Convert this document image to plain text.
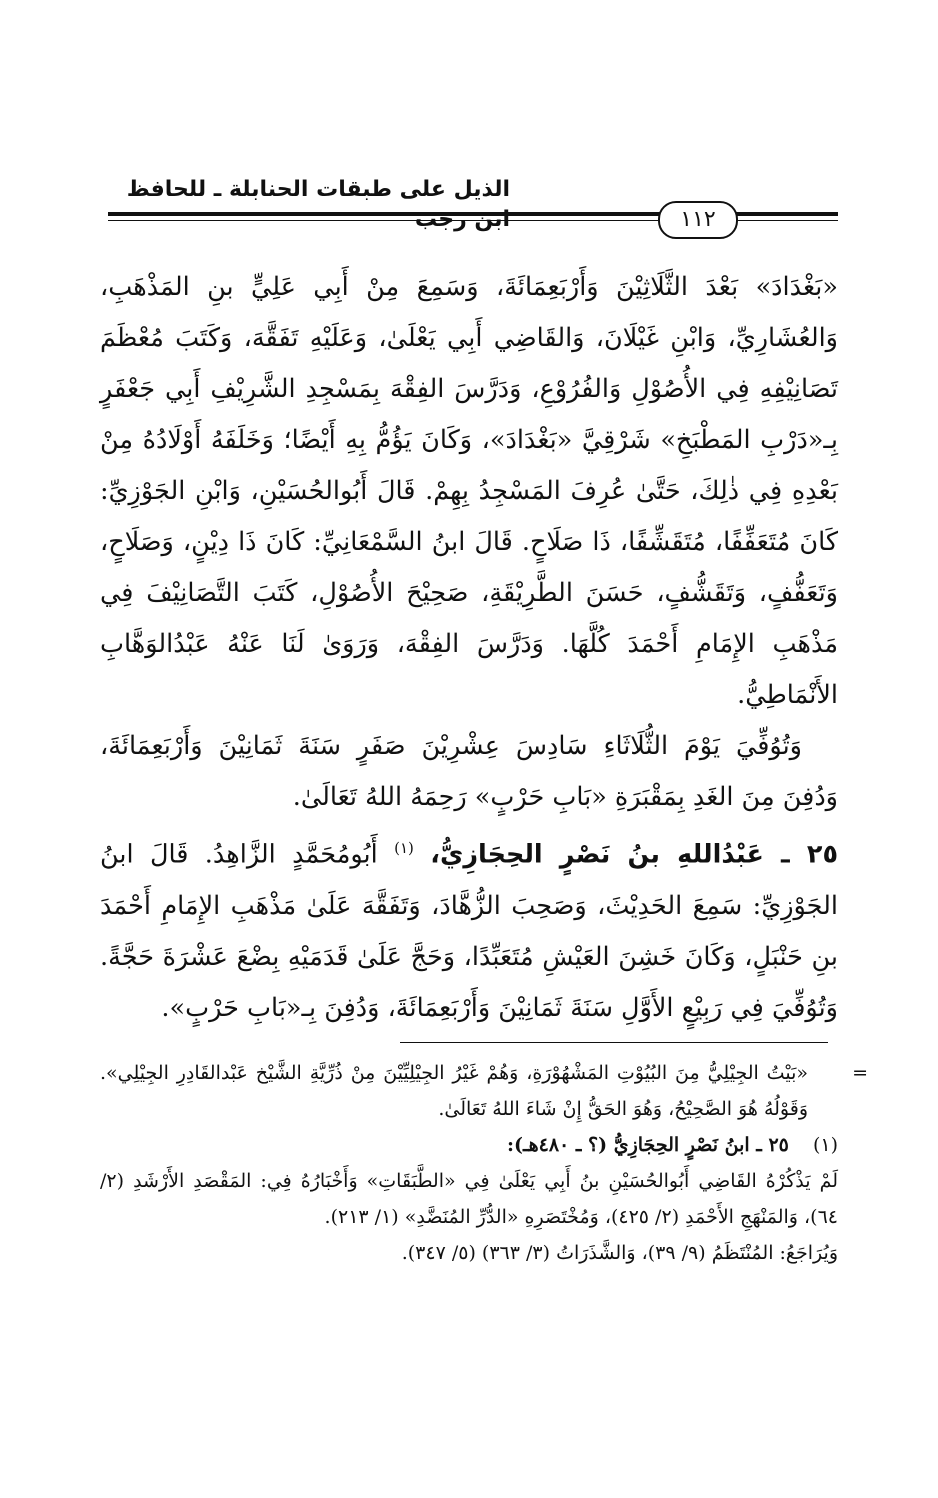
الذيل على طبقات الحنابلة ـ للحافظ ابن رجب	١١٢

«بَغْدَادَ» بَعْدَ الثَّلَاثِيْنَ وَأَرْبَعِمَائَةَ، وَسَمِعَ مِنْ أَبِي عَلِيٍّ بنِ المَذْهَبِ، وَالعُشَارِيِّ، وَابْنِ غَيْلَانَ، وَالقَاضِي أَبِي يَعْلَىٰ، وَعَلَيْهِ تَفَقَّهَ، وَكَتَبَ مُعْظَمَ تَصَانِيْفِهِ فِي الأُصُوْلِ وَالفُرُوْعِ، وَدَرَّسَ الفِقْهَ بِمَسْجِدِ الشَّرِيْفِ أَبِي جَعْفَرٍ بِـ«دَرْبِ المَطْبَخِ» شَرْقِيَّ «بَغْدَادَ»، وَكَانَ يَؤُمُّ بِهِ أَيْضًا؛ وَخَلَفَهُ أَوْلَادُهُ مِنْ بَعْدِهِ فِي ذٰلِكَ، حَتَّىٰ عُرِفَ المَسْجِدُ بِهِمْ. قَالَ أَبُوالحُسَيْنِ، وَابْنِ الجَوْزِيِّ: كَانَ مُتَعَفِّفًا، مُتَقَشِّفًا، ذَا صَلَاحٍ. قَالَ ابنُ السَّمْعَانِيِّ: كَانَ ذَا دِيْنٍ، وَصَلَاحٍ، وَتَعَفُّفٍ، وَتَقَشُّفٍ، حَسَنَ الطَّرِيْقَةِ، صَحِيْحَ الأُصُوْلِ، كَتَبَ التَّصَانِيْفَ فِي مَذْهَبِ الإِمَامِ أَحْمَدَ كُلَّهَا. وَدَرَّسَ الفِقْهَ، وَرَوَىٰ لَنَا عَنْهُ عَبْدُالوَهَّابِ الأَنْمَاطِيُّ.

وَتُوُفِّيَ يَوْمَ الثُّلَاثَاءِ سَادِسَ عِشْرِيْنَ صَفَرٍ سَنَةَ ثَمَانِيْنَ وَأَرْبَعِمَائَةَ، وَدُفِنَ مِنَ الغَدِ بِمَقْبَرَةِ «بَابِ حَرْبٍ» رَحِمَهُ اللهُ تَعَالَىٰ.

٢٥ ـ عَبْدُاللهِ بنُ نَصْرٍ الحِجَازِيُّ، $^{(١)}$ أَبُومُحَمَّدٍ الزَّاهِدُ. قَالَ ابنُ الجَوْزِيِّ: سَمِعَ الحَدِيْثَ، وَصَحِبَ الزُّهَّادَ، وَتَفَقَّهَ عَلَىٰ مَذْهَبِ الإِمَامِ أَحْمَدَ بنِ حَنْبَلٍ، وَكَانَ خَشِنَ العَيْشِ مُتَعَبِّدًا، وَحَجَّ عَلَىٰ قَدَمَيْهِ بِضْعَ عَشْرَةَ حَجَّةً. وَتُوُفِّيَ فِي رَبِيْعٍ الأَوَّلِ سَنَةَ ثَمَانِيْنَ وَأَرْبَعِمَائَةَ، وَدُفِنَ بِـ«بَابِ حَرْبٍ».

=
«بَيْتُ الجِيْلِيُّ مِنَ البُيُوْتِ المَشْهُوْرَةِ، وَهُمْ غَيْرُ الجِيْلِيِّيْنَ مِنْ ذُرِّيَّةِ الشَّيْخ عَبْدالقَادِرِ الجِيْلِي». وَقَوْلُهُ هُوَ الصَّحِيْحُ، وَهُوَ الحَقُّ إِنْ شَاءَ اللهُ تَعَالَىٰ.

(١) ٢٥ ـ ابنُ نَصْرٍ الحِجَازِيُّ (؟ ـ ٤٨٠هـ):

لَمْ يَذْكُرْهُ القَاضِي أَبُوالحُسَيْنِ بنُ أَبِي يَعْلَىٰ فِي «الطَّبَقَاتِ» وَأَخْبَارُهُ فِي: المَقْصَدِ الأَرْشَدِ (٢/ ٦٤)، وَالمَنْهَجِ الأَحْمَدِ (٢/ ٤٢٥)، وَمُخْتَصَرِهِ «الدُّرِّ المُنَضَّدِ» (١/ ٢١٣).

وَيُرَاجَعُ: المُنْتَظَمُ (٩/ ٣٩)، وَالشَّذَرَاتُ (٣/ ٣٦٣) (٥/ ٣٤٧).
